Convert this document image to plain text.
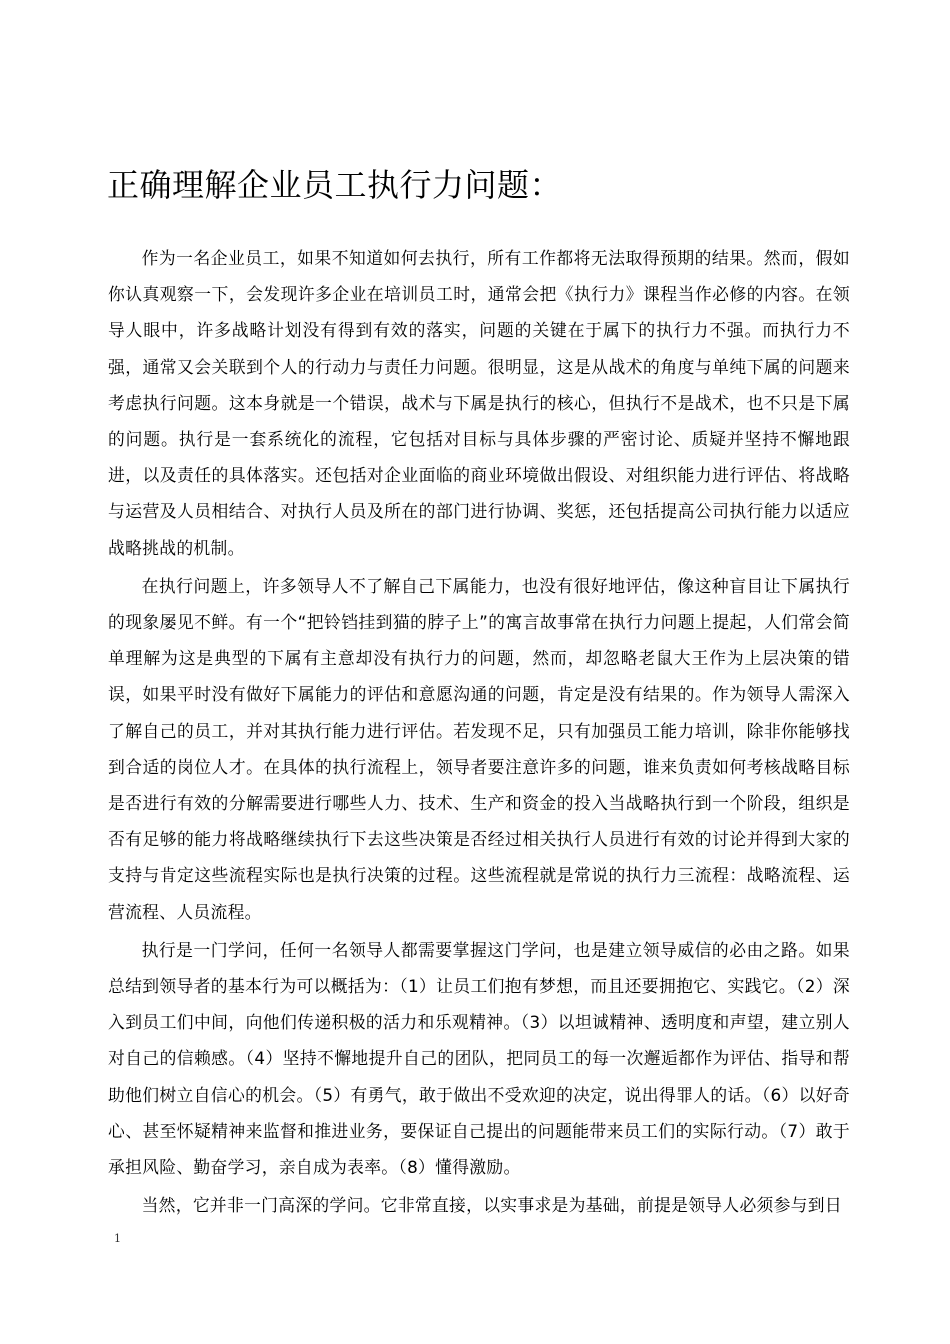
正确理解企业员工执行力问题：

作为一名企业员工，如果不知道如何去执行，所有工作都将无法取得预期的结果。然而，假如你认真观察一下，会发现许多企业在培训员工时，通常会把《执行力》课程当作必修的内容。在领导人眼中，许多战略计划没有得到有效的落实，问题的关键在于属下的执行力不强。而执行力不强，通常又会关联到个人的行动力与责任力问题。很明显，这是从战术的角度与单纯下属的问题来考虑执行问题。这本身就是一个错误，战术与下属是执行的核心，但执行不是战术，也不只是下属的问题。执行是一套系统化的流程，它包括对目标与具体步骤的严密讨论、质疑并坚持不懈地跟进，以及责任的具体落实。还包括对企业面临的商业环境做出假设、对组织能力进行评估、将战略与运营及人员相结合、对执行人员及所在的部门进行协调、奖惩，还包括提高公司执行能力以适应战略挑战的机制。

在执行问题上，许多领导人不了解自己下属能力，也没有很好地评估，像这种盲目让下属执行的现象屡见不鲜。有一个“把铃铛挂到猫的脖子上”的寓言故事常在执行力问题上提起，人们常会简单理解为这是典型的下属有主意却没有执行力的问题，然而，却忽略老鼠大王作为上层决策的错误，如果平时没有做好下属能力的评估和意愿沟通的问题，肯定是没有结果的。作为领导人需深入了解自己的员工，并对其执行能力进行评估。若发现不足，只有加强员工能力培训，除非你能够找到合适的岗位人才。在具体的执行流程上，领导者要注意许多的问题，谁来负责如何考核战略目标是否进行有效的分解需要进行哪些人力、技术、生产和资金的投入当战略执行到一个阶段，组织是否有足够的能力将战略继续执行下去这些决策是否经过相关执行人员进行有效的讨论并得到大家的支持与肯定这些流程实际也是执行决策的过程。这些流程就是常说的执行力三流程：战略流程、运营流程、人员流程。

执行是一门学问，任何一名领导人都需要掌握这门学问，也是建立领导威信的必由之路。如果总结到领导者的基本行为可以概括为：（1）让员工们抱有梦想，而且还要拥抱它、实践它。（2）深入到员工们中间，向他们传递积极的活力和乐观精神。（3）以坦诚精神、透明度和声望，建立别人对自己的信赖感。（4）坚持不懈地提升自己的团队，把同员工的每一次邂逅都作为评估、指导和帮助他们树立自信心的机会。（5）有勇气，敢于做出不受欢迎的决定，说出得罪人的话。（6）以好奇心、甚至怀疑精神来监督和推进业务，要保证自己提出的问题能带来员工们的实际行动。（7）敢于承担风险、勤奋学习，亲自成为表率。（8）懂得激励。

当然，它并非一门高深的学问。它非常直接，以实事求是为基础，前提是领导人必须参与到日

1
